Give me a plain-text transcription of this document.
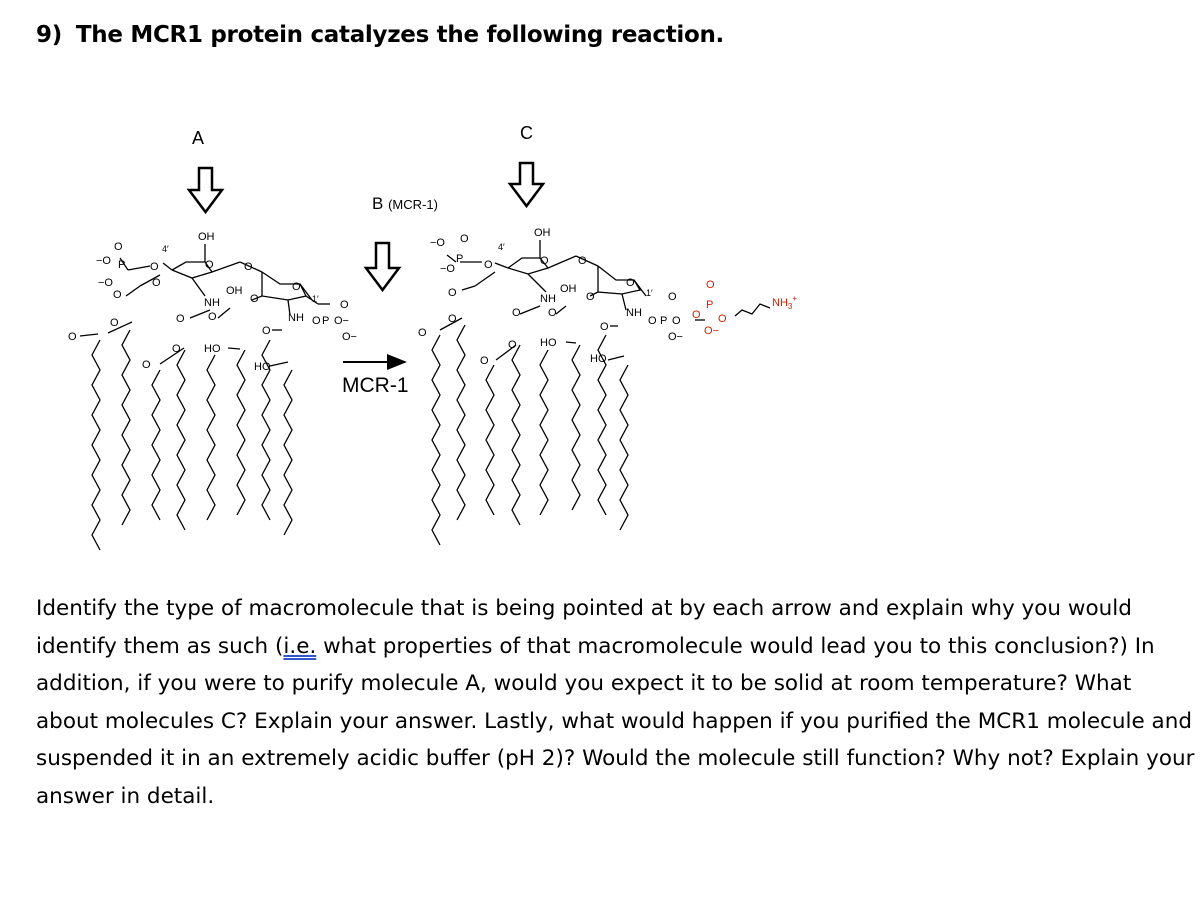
9) The MCR1 protein catalyzes the following reaction.
A	C
B (MCR-1)
MCR-1
−O
O
P
−O
O
4′
O
O
OH
O	O
OH
NH
O O
O
O
1′
NH
O
O
O
O
O HO
HO
O P
O
O−
O−
−O O
P
−O	O
4′
O
OH
O	O
OH
NH
O O
O
O
1′
NH
O
O
O
O
O HO
HO
O P O
O
O−
O
P
O
O
O−
$NH_3^+$
Identify the type of macromolecule that is being pointed at by each arrow and explain why you would identify them as such (i.e. what properties of that macromolecule would lead you to this conclusion?) In addition, if you were to purify molecule A, would you expect it to be solid at room temperature? What about molecules C? Explain your answer. Lastly, what would happen if you purified the MCR1 molecule and suspended it in an extremely acidic buffer (pH 2)? Would the molecule still function? Why not? Explain your answer in detail.
